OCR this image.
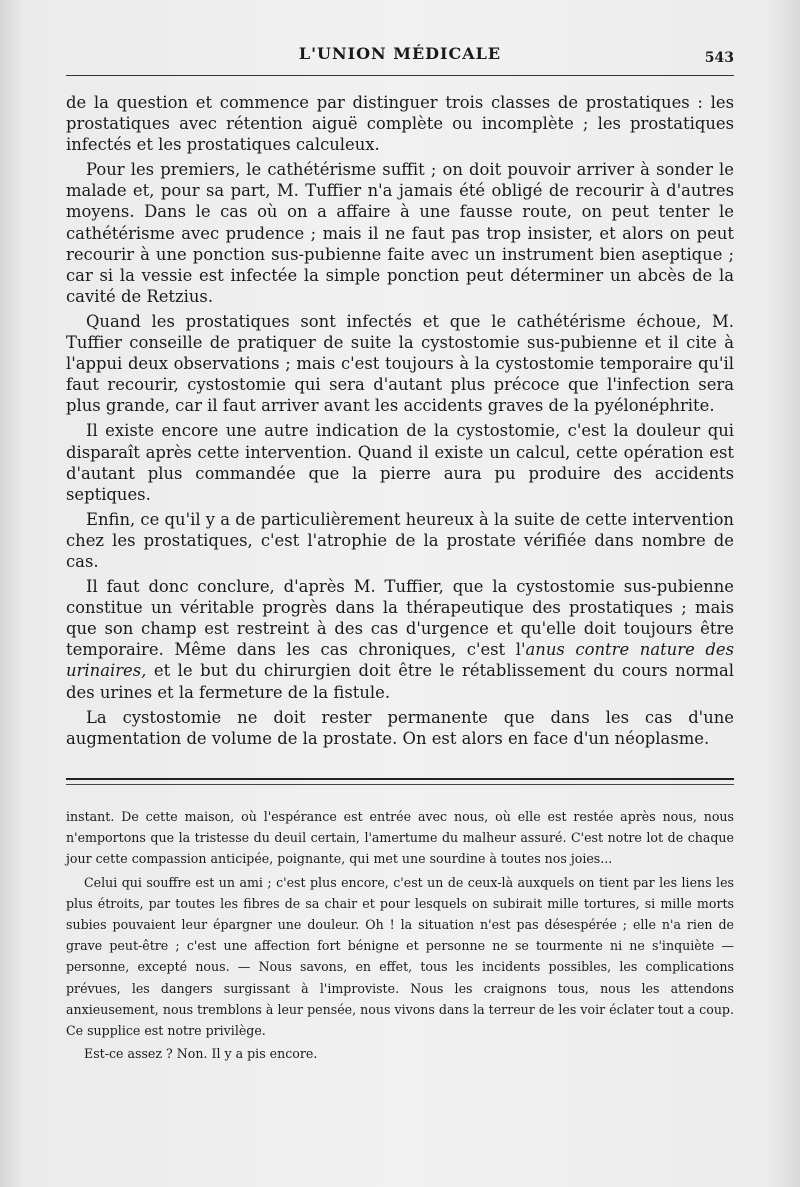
L'UNION MÉDICALE	543

de la question et commence par distinguer trois classes de prostatiques : les prostatiques avec rétention aiguë complète ou incomplète ; les prostatiques infectés et les prostatiques calculeux.

Pour les premiers, le cathétérisme suffit ; on doit pouvoir arriver à sonder le malade et, pour sa part, M. Tuffier n'a jamais été obligé de recourir à d'autres moyens. Dans le cas où on a affaire à une fausse route, on peut tenter le cathétérisme avec prudence ; mais il ne faut pas trop insister, et alors on peut recourir à une ponction sus-pubienne faite avec un instrument bien aseptique ; car si la vessie est infectée la simple ponction peut déterminer un abcès de la cavité de Retzius.

Quand les prostatiques sont infectés et que le cathétérisme échoue, M. Tuffier conseille de pratiquer de suite la cystostomie sus-pubienne et il cite à l'appui deux observations ; mais c'est toujours à la cystostomie temporaire qu'il faut recourir, cystostomie qui sera d'autant plus précoce que l'infection sera plus grande, car il faut arriver avant les accidents graves de la pyélonéphrite.

Il existe encore une autre indication de la cystostomie, c'est la douleur qui disparaît après cette intervention. Quand il existe un calcul, cette opération est d'autant plus commandée que la pierre aura pu produire des accidents septiques.

Enfin, ce qu'il y a de particulièrement heureux à la suite de cette intervention chez les prostatiques, c'est l'atrophie de la prostate vérifiée dans nombre de cas.

Il faut donc conclure, d'après M. Tuffier, que la cystostomie sus-pubienne constitue un véritable progrès dans la thérapeutique des prostatiques ; mais que son champ est restreint à des cas d'urgence et qu'elle doit toujours être temporaire. Même dans les cas chroniques, c'est l'anus contre nature des urinaires, et le but du chirurgien doit être le rétablissement du cours normal des urines et la fermeture de la fistule.

La cystostomie ne doit rester permanente que dans les cas d'une augmentation de volume de la prostate. On est alors en face d'un néoplasme.

instant. De cette maison, où l'espérance est entrée avec nous, où elle est restée après nous, nous n'emportons que la tristesse du deuil certain, l'amertume du malheur assuré. C'est notre lot de chaque jour cette compassion anticipée, poignante, qui met une sourdine à toutes nos joies...

Celui qui souffre est un ami ; c'est plus encore, c'est un de ceux-là auxquels on tient par les liens les plus étroits, par toutes les fibres de sa chair et pour lesquels on subirait mille tortures, si mille morts subies pouvaient leur épargner une douleur. Oh ! la situation n'est pas désespérée ; elle n'a rien de grave peut-être ; c'est une affection fort bénigne et personne ne se tourmente ni ne s'inquiète — personne, excepté nous. — Nous savons, en effet, tous les incidents possibles, les complications prévues, les dangers surgissant à l'improviste. Nous les craignons tous, nous les attendons anxieusement, nous tremblons à leur pensée, nous vivons dans la terreur de les voir éclater tout a coup. Ce supplice est notre privilège.

Est-ce assez ? Non. Il y a pis encore.
